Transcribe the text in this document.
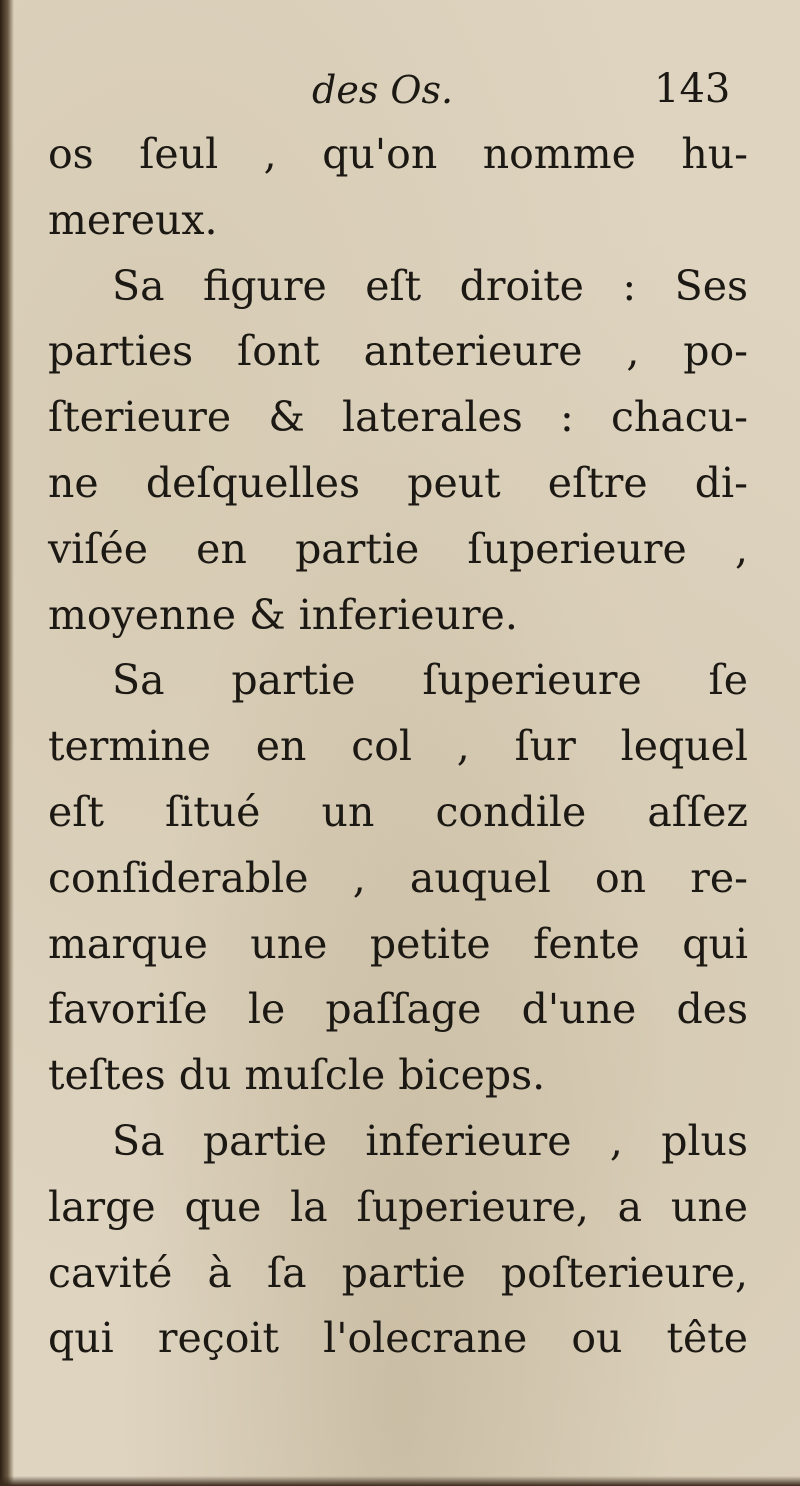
des Os.	143
os ſeul , qu'on nomme hu-
mereux.
Sa figure eſt droite : Ses
parties ſont anterieure , po-
ſterieure & laterales : chacu-
ne deſquelles peut eſtre di-
viſée en partie ſuperieure ,
moyenne & inferieure.
Sa partie ſuperieure ſe
termine en col , ſur lequel
eſt ſitué un condile aſſez
conſiderable , auquel on re-
marque une petite fente qui
favoriſe le paſſage d'une des
teſtes du muſcle biceps.
Sa partie inferieure , plus
large que la ſuperieure, a une
cavité à ſa partie poſterieure,
qui reçoit l'olecrane ou tête
